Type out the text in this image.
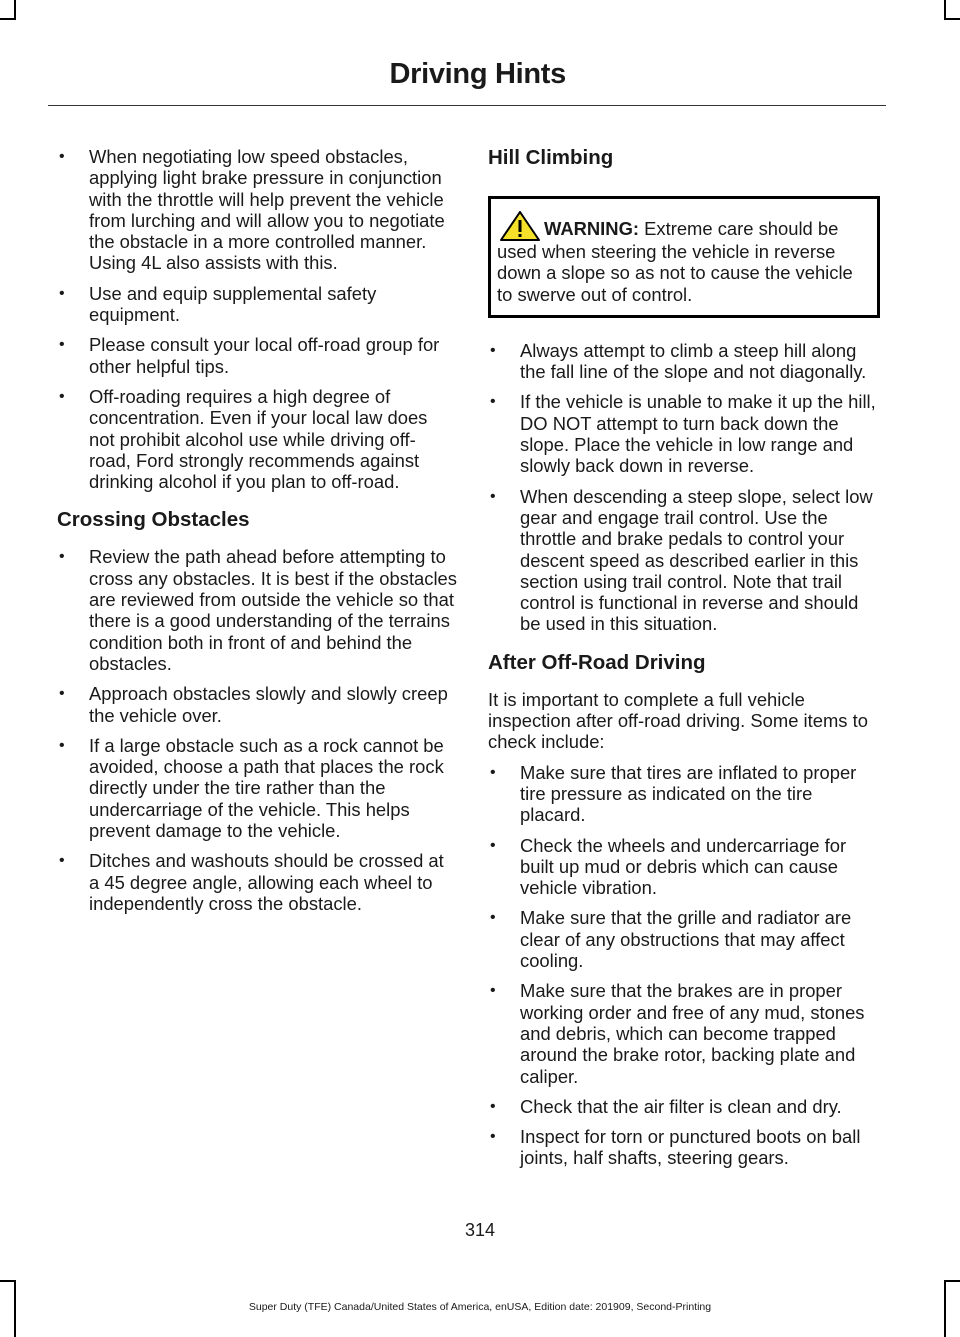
Driving Hints
• When negotiating low speed obstacles, applying light brake pressure in conjunction with the throttle will help prevent the vehicle from lurching and will allow you to negotiate the obstacle in a more controlled manner. Using 4L also assists with this.
• Use and equip supplemental safety equipment.
• Please consult your local off-road group for other helpful tips.
• Off-roading requires a high degree of concentration. Even if your local law does not prohibit alcohol use while driving off-road, Ford strongly recommends against drinking alcohol if you plan to off-road.
Crossing Obstacles
• Review the path ahead before attempting to cross any obstacles. It is best if the obstacles are reviewed from outside the vehicle so that there is a good understanding of the terrains condition both in front of and behind the obstacles.
• Approach obstacles slowly and slowly creep the vehicle over.
• If a large obstacle such as a rock cannot be avoided, choose a path that places the rock directly under the tire rather than the undercarriage of the vehicle. This helps prevent damage to the vehicle.
• Ditches and washouts should be crossed at a 45 degree angle, allowing each wheel to independently cross the obstacle.
Hill Climbing
WARNING: Extreme care should be used when steering the vehicle in reverse down a slope so as not to cause the vehicle to swerve out of control.
• Always attempt to climb a steep hill along the fall line of the slope and not diagonally.
• If the vehicle is unable to make it up the hill, DO NOT attempt to turn back down the slope. Place the vehicle in low range and slowly back down in reverse.
• When descending a steep slope, select low gear and engage trail control. Use the throttle and brake pedals to control your descent speed as described earlier in this section using trail control. Note that trail control is functional in reverse and should be used in this situation.
After Off-Road Driving

It is important to complete a full vehicle inspection after off-road driving. Some items to check include:

• Make sure that tires are inflated to proper tire pressure as indicated on the tire placard.
• Check the wheels and undercarriage for built up mud or debris which can cause vehicle vibration.
• Make sure that the grille and radiator are clear of any obstructions that may affect cooling.
• Make sure that the brakes are in proper working order and free of any mud, stones and debris, which can become trapped around the brake rotor, backing plate and caliper.
• Check that the air filter is clean and dry.
• Inspect for torn or punctured boots on ball joints, half shafts, steering gears.
314
Super Duty (TFE) Canada/United States of America, enUSA, Edition date: 201909, Second-Printing
